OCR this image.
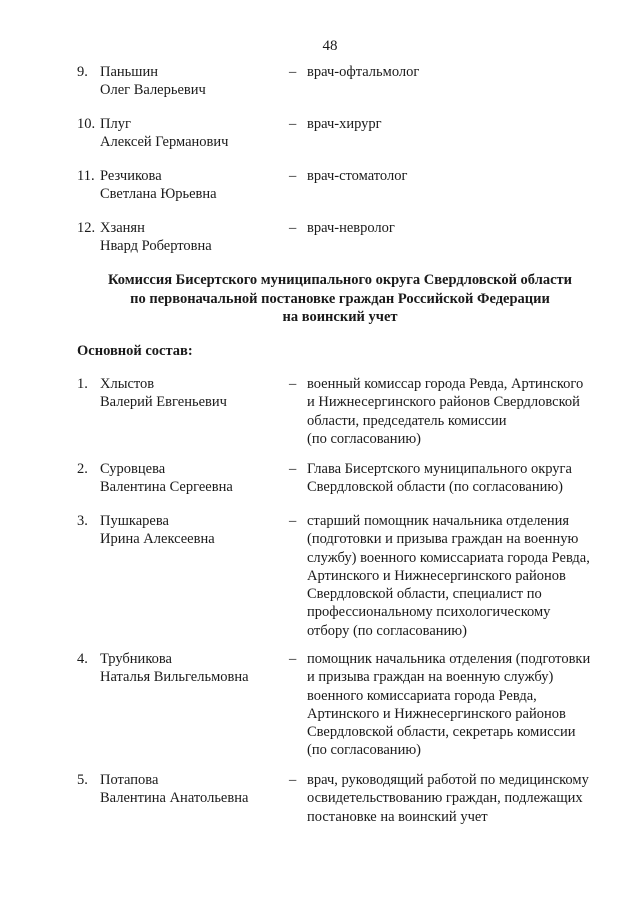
48
9. Паньшин
Олег Валерьевич
– врач-офтальмолог
10. Плуг
Алексей Германович
– врач-хирург
11. Резчикова
Светлана Юрьевна
– врач-стоматолог
12. Хзанян
Нвард Робертовна
– врач-невролог
Комиссия Бисертского муниципального округа Свердловской области
по первоначальной постановке граждан Российской Федерации
на воинский учет
Основной состав:
1. Хлыстов
Валерий Евгеньевич
– военный комиссар города Ревда, Артинского
и Нижнесергинского районов Свердловской
области, председатель комиссии
(по согласованию)
2. Суровцева
Валентина Сергеевна
– Глава Бисертского муниципального округа
Свердловской области (по согласованию)
3. Пушкарева
Ирина Алексеевна
– старший помощник начальника отделения
(подготовки и призыва граждан на военную
службу) военного комиссариата города Ревда,
Артинского и Нижнесергинского районов
Свердловской области, специалист по
профессиональному психологическому
отбору (по согласованию)
4. Трубникова
Наталья Вильгельмовна
– помощник начальника отделения (подготовки
и призыва граждан на военную службу)
военного комиссариата города Ревда,
Артинского и Нижнесергинского районов
Свердловской области, секретарь комиссии
(по согласованию)
5. Потапова
Валентина Анатольевна
– врач, руководящий работой по медицинскому
освидетельствованию граждан, подлежащих
постановке на воинский учет
